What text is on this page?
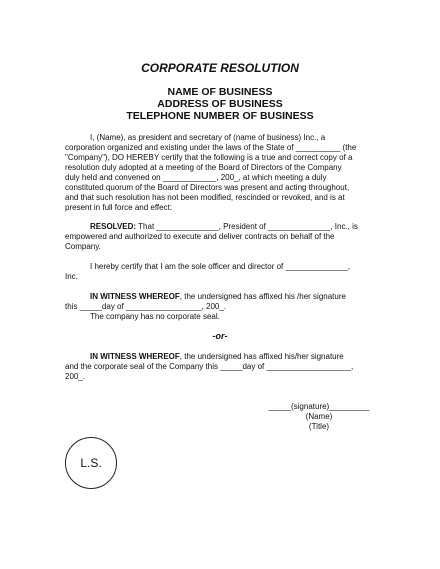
CORPORATE RESOLUTION

NAME OF BUSINESS

ADDRESS OF BUSINESS

TELEPHONE NUMBER OF BUSINESS

I, (Name), as president and secretary of (name of business) Inc., a
corporation organized and existing under the laws of the State of __________ (the
"Company"), DO HEREBY certify that the following is a true and correct copy of a
resolution duly adopted at a meeting of the Board of Directors of the Company
duly held and convened on ____________, 200_, at which meeting a duly
constituted quorum of the Board of Directors was present and acting throughout,
and that such resolution has not been modified, rescinded or revoked, and is at
present in full force and effect:
RESOLVED: That ______________, President of ______________, Inc., is
empowered and authorized to execute and deliver contracts on behalf of the
Company.
I hereby certify that I am the sole officer and director of ______________,
Inc.
IN WITNESS WHEREOF, the undersigned has affixed his /her signature
this _____day of _________________, 200_.
The company has no corporate seal.

-or-

IN WITNESS WHEREOF, the undersigned has affixed his/her signature
and the corporate seal of the Company this _____day of ___________________,
200_.

_____(signature)_________

(Name)

(Title)

L.S.
